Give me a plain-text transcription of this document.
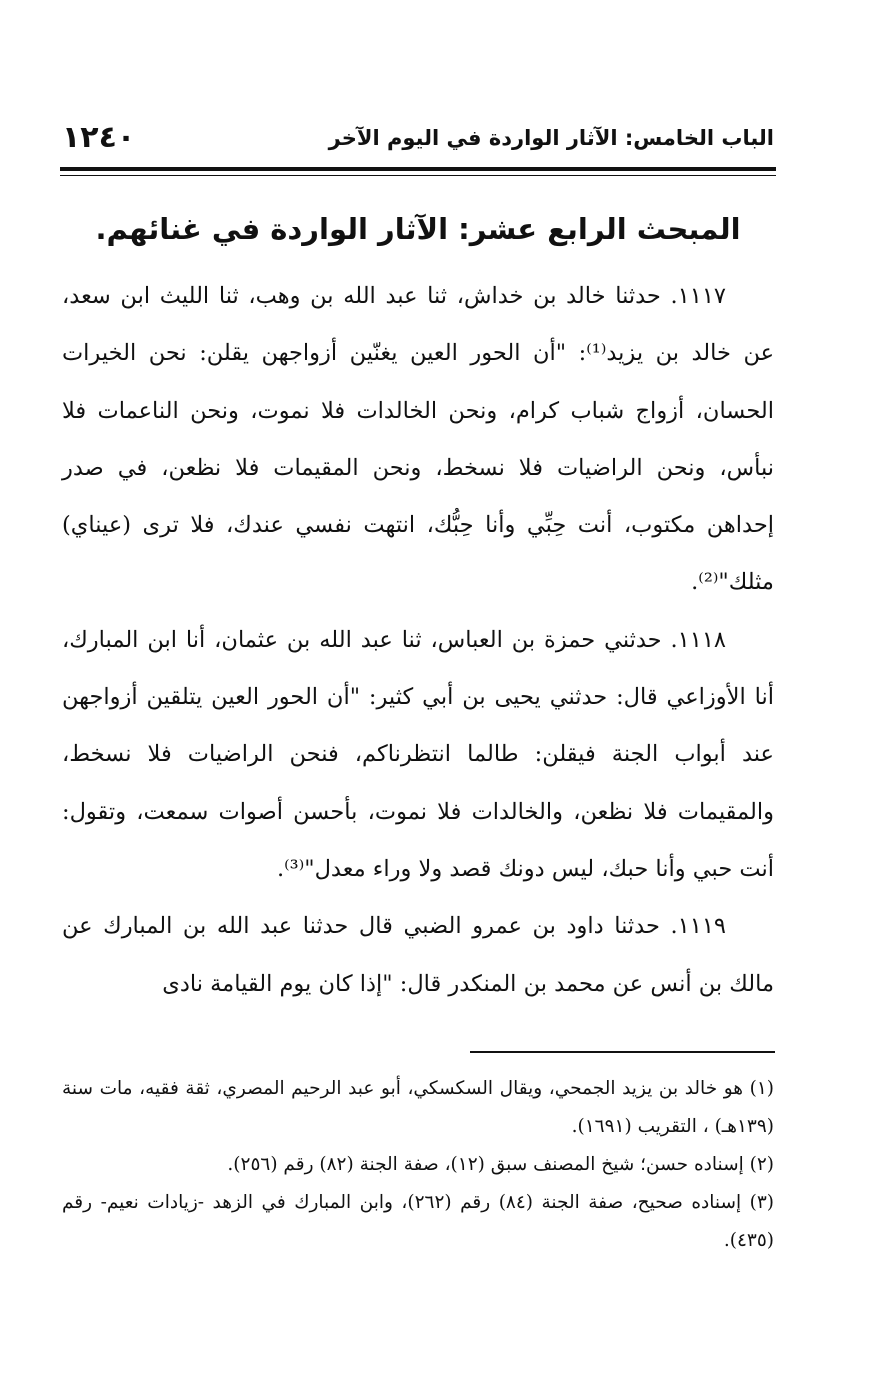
الباب الخامس: الآثار الواردة في اليوم الآخر
١٢٤٠
المبحث الرابع عشر: الآثار الواردة في غنائهم.

١١١٧. حدثنا خالد بن خداش، ثنا عبد الله بن وهب، ثنا الليث ابن سعد، عن خالد بن يزيد⁽¹⁾: "أن الحور العين يغنّين أزواجهن يقلن: نحن الخيرات الحسان، أزواج شباب كرام، ونحن الخالدات فلا نموت، ونحن الناعمات فلا نبأس، ونحن الراضيات فلا نسخط، ونحن المقيمات فلا نظعن، في صدر إحداهن مكتوب، أنت حِبِّي وأنا حِبُّك، انتهت نفسي عندك، فلا ترى (عيناي) مثلك"⁽²⁾.

١١١٨. حدثني حمزة بن العباس، ثنا عبد الله بن عثمان، أنا ابن المبارك، أنا الأوزاعي قال: حدثني يحيى بن أبي كثير: "أن الحور العين يتلقين أزواجهن عند أبواب الجنة فيقلن: طالما انتظرناكم، فنحن الراضيات فلا نسخط، والمقيمات فلا نظعن، والخالدات فلا نموت، بأحسن أصوات سمعت، وتقول: أنت حبي وأنا حبك، ليس دونك قصد ولا وراء معدل"⁽³⁾.

١١١٩. حدثنا داود بن عمرو الضبي قال حدثنا عبد الله بن المبارك عن مالك بن أنس عن محمد بن المنكدر قال: "إذا كان يوم القيامة نادى

(١) هو خالد بن يزيد الجمحي، ويقال السكسكي، أبو عبد الرحيم المصري، ثقة فقيه، مات سنة (١٣٩هـ) ، التقريب (١٦٩١).

(٢) إسناده حسن؛ شيخ المصنف سبق (١٢)، صفة الجنة (٨٢) رقم (٢٥٦).

(٣) إسناده صحيح، صفة الجنة (٨٤) رقم (٢٦٢)، وابن المبارك في الزهد -زيادات نعيم- رقم (٤٣٥).
